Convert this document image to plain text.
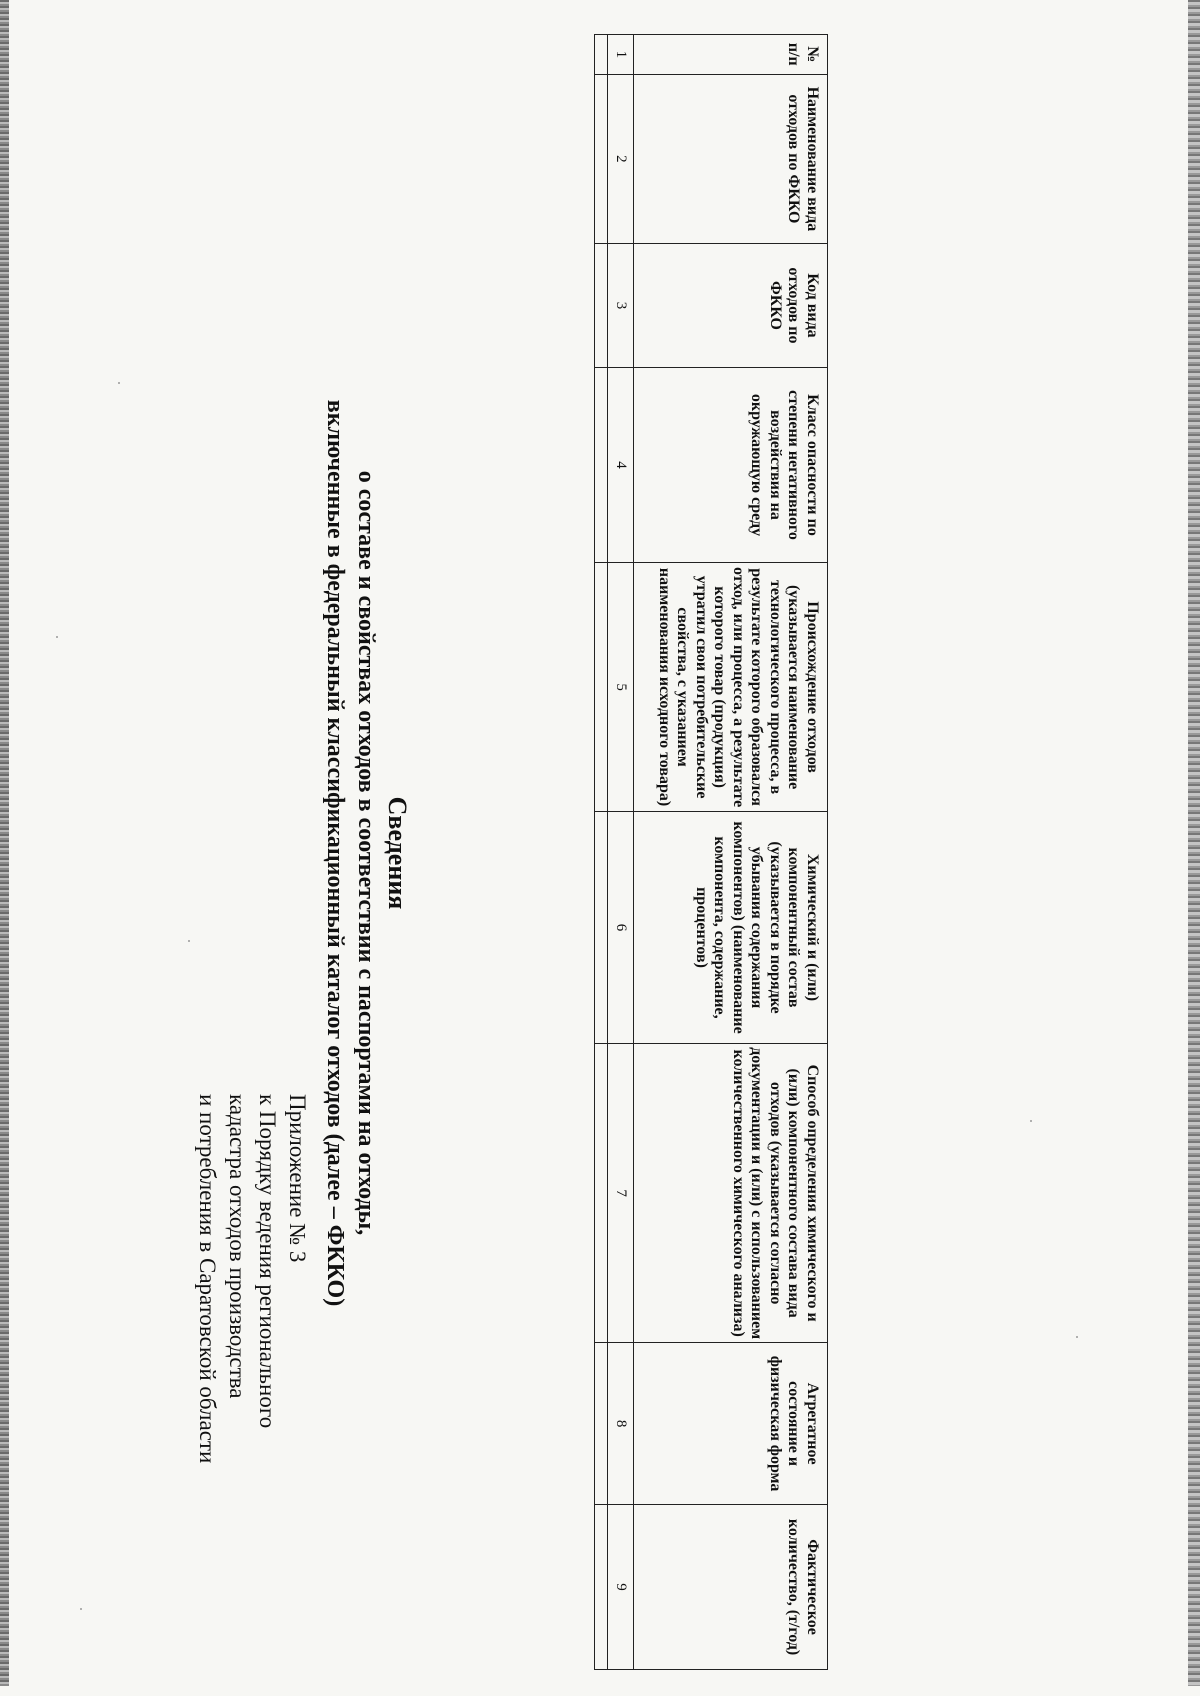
Приложение № 3
к Порядку ведения регионального
кадастра отходов производства
и потребления в Саратовской области
Сведения
о составе и свойствах отходов в соответствии с паспортами на отходы,
включенные в федеральный классификационный каталог отходов (далее – ФККО)
№ п/п	Наименование вида отходов по ФККО	Код вида отходов по ФККО	Класс опасности по степени негативного воздействия на окружающую среду	Происхождение отходов (указывается наименование технологического процесса, в результате которого образовался отход, или процесса, а результате которого товар (продукция) утратил свои потребительские свойства, с указанием наименования исходного товара)	Химический и (или) компонентный состав (указывается в порядке убывания содержания компонентов) (наименование компонента, содержание, процентов)	Способ определения химического и (или) компонентного состава вида отходов (указывается согласно документации и (или) с использованием количественного химического анализа)	Агрегатное состояние и физическая форма	Фактическое количество, (т/год)
1	2	3	4	5	6	7	8	9
